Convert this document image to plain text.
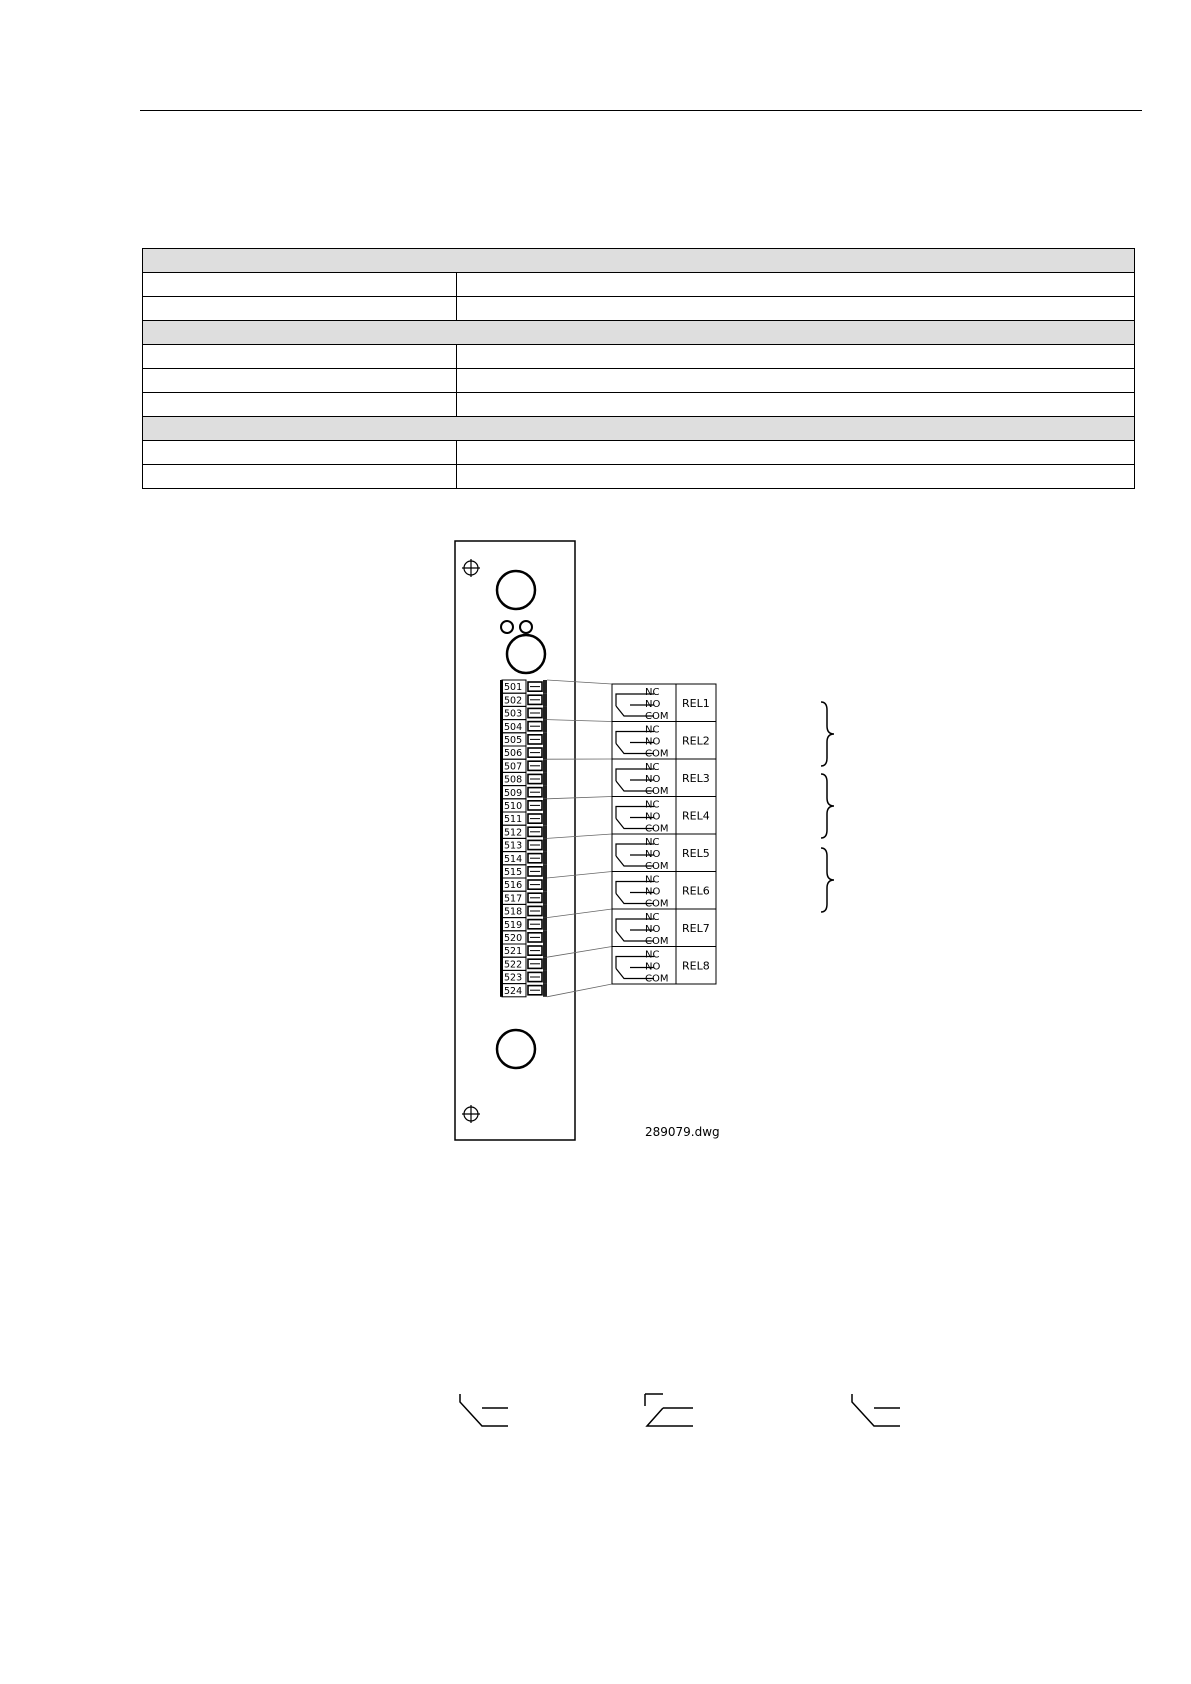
501
502
503
504
505
506
507
508
509
510
511
512
513
514
515
516
517
518
519
520
521
522
523
524
NC
NO
COM
REL1
NC
NO
COM
REL2
NC
NO
COM
REL3
NC
NO
COM
REL4
NC
NO
COM
REL5
NC
NO
COM
REL6
NC
NO
COM
REL7
NC
NO
COM
REL8
289079.dwg
